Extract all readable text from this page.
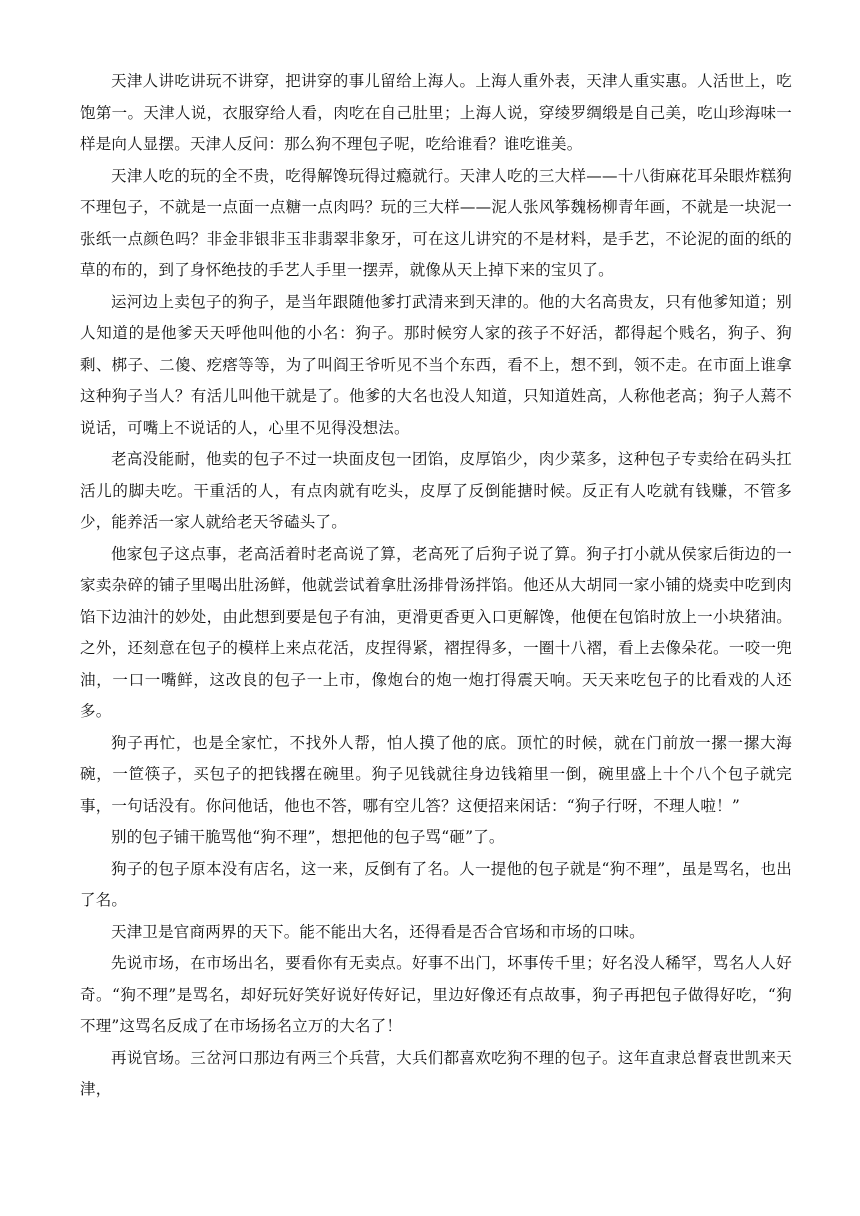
天津人讲吃讲玩不讲穿，把讲穿的事儿留给上海人。上海人重外表，天津人重实惠。人活世上，吃饱第一。天津人说，衣服穿给人看，肉吃在自己肚里；上海人说，穿绫罗绸缎是自己美，吃山珍海味一样是向人显摆。天津人反问：那么狗不理包子呢，吃给谁看？谁吃谁美。

天津人吃的玩的全不贵，吃得解馋玩得过瘾就行。天津人吃的三大样——十八街麻花耳朵眼炸糕狗不理包子，不就是一点面一点糖一点肉吗？玩的三大样——泥人张风筝魏杨柳青年画，不就是一块泥一张纸一点颜色吗？非金非银非玉非翡翠非象牙，可在这儿讲究的不是材料，是手艺，不论泥的面的纸的草的布的，到了身怀绝技的手艺人手里一摆弄，就像从天上掉下来的宝贝了。

运河边上卖包子的狗子，是当年跟随他爹打武清来到天津的。他的大名高贵友，只有他爹知道；别人知道的是他爹天天呼他叫他的小名：狗子。那时候穷人家的孩子不好活，都得起个贱名，狗子、狗剩、梆子、二傻、疙瘩等等，为了叫阎王爷听见不当个东西，看不上，想不到，领不走。在市面上谁拿这种狗子当人？有活儿叫他干就是了。他爹的大名也没人知道，只知道姓高，人称他老高；狗子人蔫不说话，可嘴上不说话的人，心里不见得没想法。

老高没能耐，他卖的包子不过一块面皮包一团馅，皮厚馅少，肉少菜多，这种包子专卖给在码头扛活儿的脚夫吃。干重活的人，有点肉就有吃头，皮厚了反倒能搪时候。反正有人吃就有钱赚，不管多少，能养活一家人就给老天爷磕头了。

他家包子这点事，老高活着时老高说了算，老高死了后狗子说了算。狗子打小就从侯家后街边的一家卖杂碎的铺子里喝出肚汤鲜，他就尝试着拿肚汤排骨汤拌馅。他还从大胡同一家小铺的烧卖中吃到肉馅下边油汁的妙处，由此想到要是包子有油，更滑更香更入口更解馋，他便在包馅时放上一小块猪油。之外，还刻意在包子的模样上来点花活，皮捏得紧，褶捏得多，一圈十八褶，看上去像朵花。一咬一兜油，一口一嘴鲜，这改良的包子一上市，像炮台的炮一炮打得震天响。天天来吃包子的比看戏的人还多。

狗子再忙，也是全家忙，不找外人帮，怕人摸了他的底。顶忙的时候，就在门前放一摞一摞大海碗，一笸筷子，买包子的把钱撂在碗里。狗子见钱就往身边钱箱里一倒，碗里盛上十个八个包子就完事，一句话没有。你问他话，他也不答，哪有空儿答？这便招来闲话：“狗子行呀，不理人啦！”

别的包子铺干脆骂他“狗不理”，想把他的包子骂“砸”了。

狗子的包子原本没有店名，这一来，反倒有了名。人一提他的包子就是“狗不理”，虽是骂名，也出了名。

天津卫是官商两界的天下。能不能出大名，还得看是否合官场和市场的口味。

先说市场，在市场出名，要看你有无卖点。好事不出门，坏事传千里；好名没人稀罕，骂名人人好奇。“狗不理”是骂名，却好玩好笑好说好传好记，里边好像还有点故事，狗子再把包子做得好吃，“狗不理”这骂名反成了在市场扬名立万的大名了！

再说官场。三岔河口那边有两三个兵营，大兵们都喜欢吃狗不理的包子。这年直隶总督袁世凯来天津，
